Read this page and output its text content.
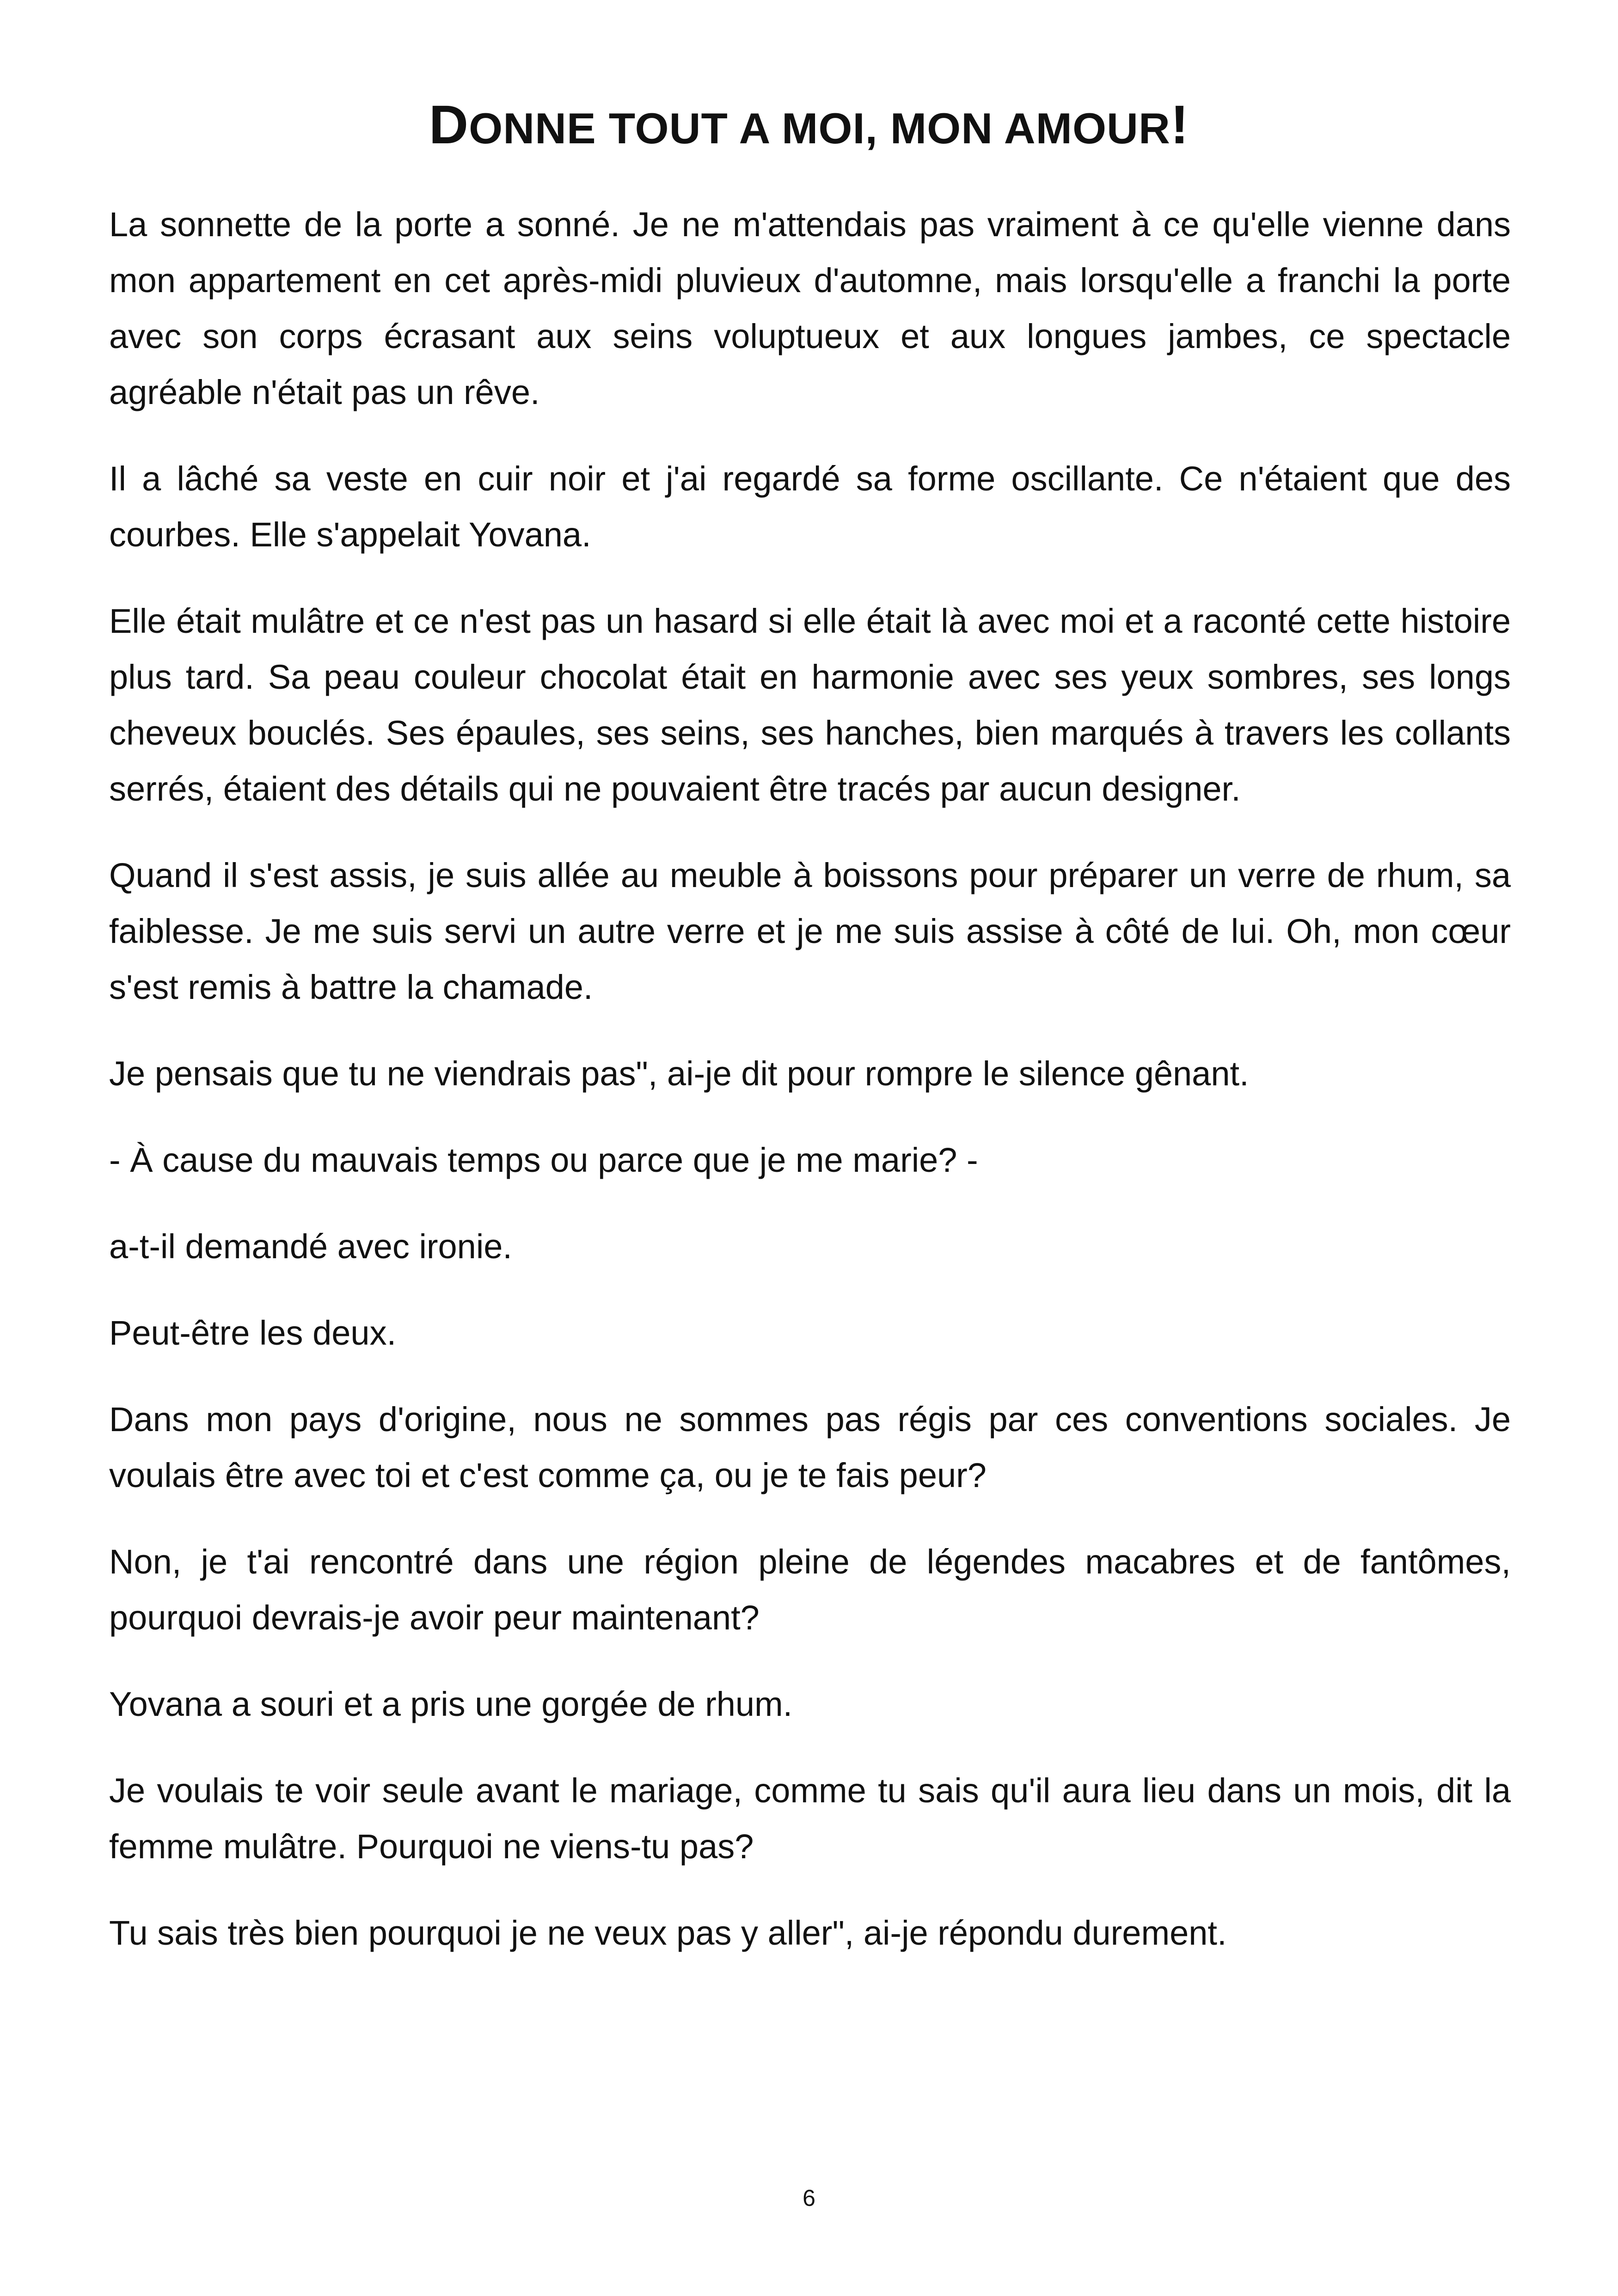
DONNE TOUT A MOI, MON AMOUR!

La sonnette de la porte a sonné. Je ne m'attendais pas vraiment à ce qu'elle vienne dans mon appartement en cet après-midi pluvieux d'automne, mais lorsqu'elle a franchi la porte avec son corps écrasant aux seins voluptueux et aux longues jambes, ce spectacle agréable n'était pas un rêve.

Il a lâché sa veste en cuir noir et j'ai regardé sa forme oscillante. Ce n'étaient que des courbes. Elle s'appelait Yovana.

Elle était mulâtre et ce n'est pas un hasard si elle était là avec moi et a raconté cette histoire plus tard. Sa peau couleur chocolat était en harmonie avec ses yeux sombres, ses longs cheveux bouclés. Ses épaules, ses seins, ses hanches, bien marqués à travers les collants serrés, étaient des détails qui ne pouvaient être tracés par aucun designer.

Quand il s'est assis, je suis allée au meuble à boissons pour préparer un verre de rhum, sa faiblesse. Je me suis servi un autre verre et je me suis assise à côté de lui. Oh, mon cœur s'est remis à battre la chamade.

Je pensais que tu ne viendrais pas", ai-je dit pour rompre le silence gênant.

- À cause du mauvais temps ou parce que je me marie? -

a-t-il demandé avec ironie.

Peut-être les deux.

Dans mon pays d'origine, nous ne sommes pas régis par ces conventions sociales. Je voulais être avec toi et c'est comme ça, ou je te fais peur?

Non, je t'ai rencontré dans une région pleine de légendes macabres et de fantômes, pourquoi devrais-je avoir peur maintenant?

Yovana a souri et a pris une gorgée de rhum.

Je voulais te voir seule avant le mariage, comme tu sais qu'il aura lieu dans un mois, dit la femme mulâtre. Pourquoi ne viens-tu pas?

Tu sais très bien pourquoi je ne veux pas y aller", ai-je répondu durement.

6
